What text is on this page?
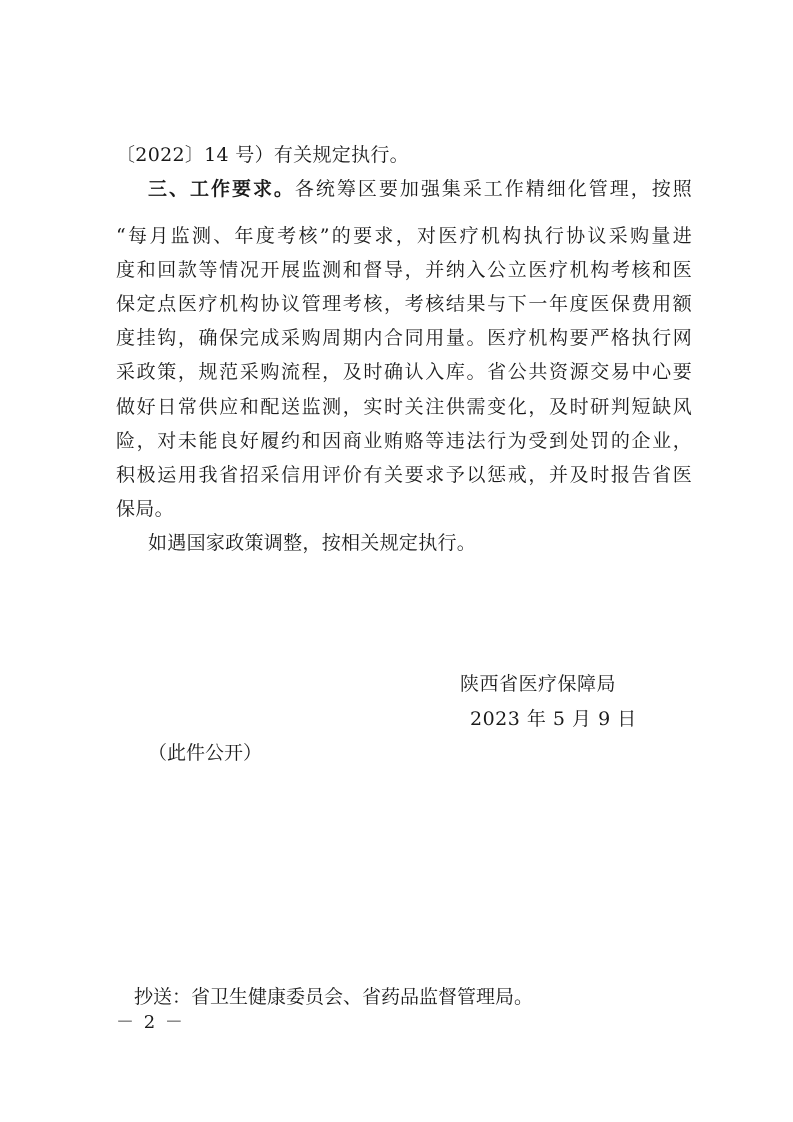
〔2022〕14 号）有关规定执行。
三、工作要求。各统筹区要加强集采工作精细化管理，按照
“每月监测、年度考核”的要求，对医疗机构执行协议采购量进
度和回款等情况开展监测和督导，并纳入公立医疗机构考核和医
保定点医疗机构协议管理考核，考核结果与下一年度医保费用额
度挂钩，确保完成采购周期内合同用量。医疗机构要严格执行网
采政策，规范采购流程，及时确认入库。省公共资源交易中心要
做好日常供应和配送监测，实时关注供需变化，及时研判短缺风
险，对未能良好履约和因商业贿赂等违法行为受到处罚的企业，
积极运用我省招采信用评价有关要求予以惩戒，并及时报告省医
保局。
如遇国家政策调整，按相关规定执行。
陕西省医疗保障局
2023 年 5 月 9 日
（此件公开）
抄送：省卫生健康委员会、省药品监督管理局。
－ 2 －
